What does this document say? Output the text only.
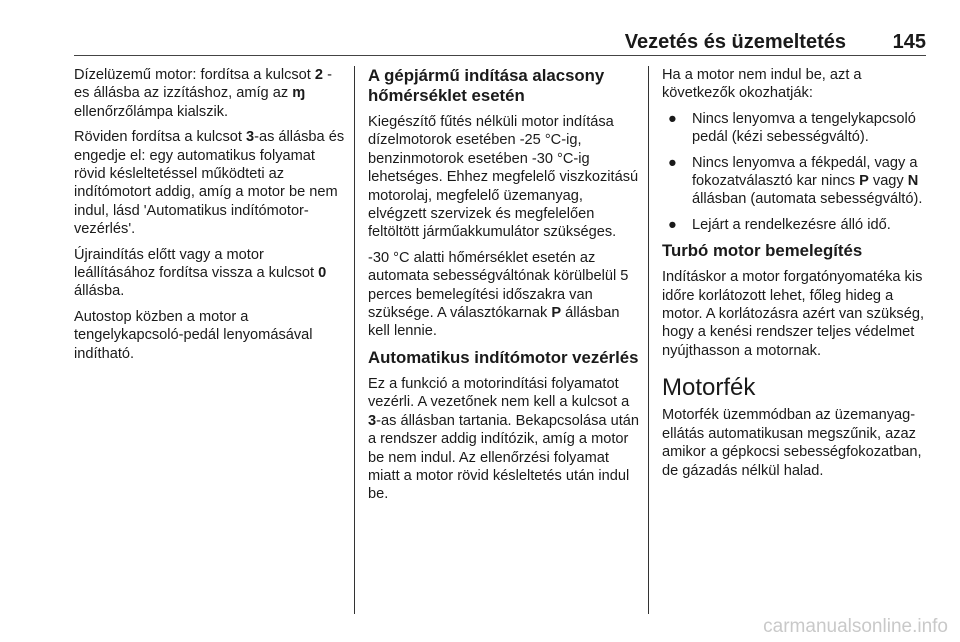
Vezetés és üzemeltetés 145

Dízelüzemű motor: fordítsa a kulcsot 2 - es állásba az izzításhoz, amíg az ɱ ellenőrzőlámpa kialszik.

Röviden fordítsa a kulcsot 3-as állásba és engedje el: egy automatikus folyamat rövid késleltetéssel működteti az indítómotort addig, amíg a motor be nem indul, lásd 'Automatikus indítómotor-vezérlés'.

Újraindítás előtt vagy a motor leállításához fordítsa vissza a kulcsot 0 állásba.

Autostop közben a motor a tengelykapcsoló-pedál lenyomásával indítható.

A gépjármű indítása alacsony hőmérséklet esetén

Kiegészítő fűtés nélküli motor indítása dízelmotorok esetében -25 °C-ig, benzinmotorok esetében -30 °C-ig lehetséges. Ehhez megfelelő viszkozitású motorolaj, megfelelő üzemanyag, elvégzett szervizek és megfelelően feltöltött járműakkumulátor szükséges.

-30 °C alatti hőmérséklet esetén az automata sebességváltónak körülbelül 5 perces bemelegítési időszakra van szüksége. A választókarnak P állásban kell lennie.

Automatikus indítómotor vezérlés

Ez a funkció a motorindítási folyamatot vezérli. A vezetőnek nem kell a kulcsot a 3-as állásban tartania. Bekapcsolása után a rendszer addig indítózik, amíg a motor be nem indul. Az ellenőrzési folyamat miatt a motor rövid késleltetés után indul be.

Ha a motor nem indul be, azt a következők okozhatják:

● Nincs lenyomva a tengelykapcsoló pedál (kézi sebességváltó).
● Nincs lenyomva a fékpedál, vagy a fokozatválasztó kar nincs P vagy N állásban (automata sebességváltó).
● Lejárt a rendelkezésre álló idő.
Turbó motor bemelegítés

Indításkor a motor forgatónyomatéka kis időre korlátozott lehet, főleg hideg a motor. A korlátozásra azért van szükség, hogy a kenési rendszer teljes védelmet nyújthasson a motornak.

Motorfék

Motorfék üzemmódban az üzemanyag-ellátás automatikusan megszűnik, azaz amikor a gépkocsi sebességfokozatban, de gázadás nélkül halad.

carmanualsonline.info
